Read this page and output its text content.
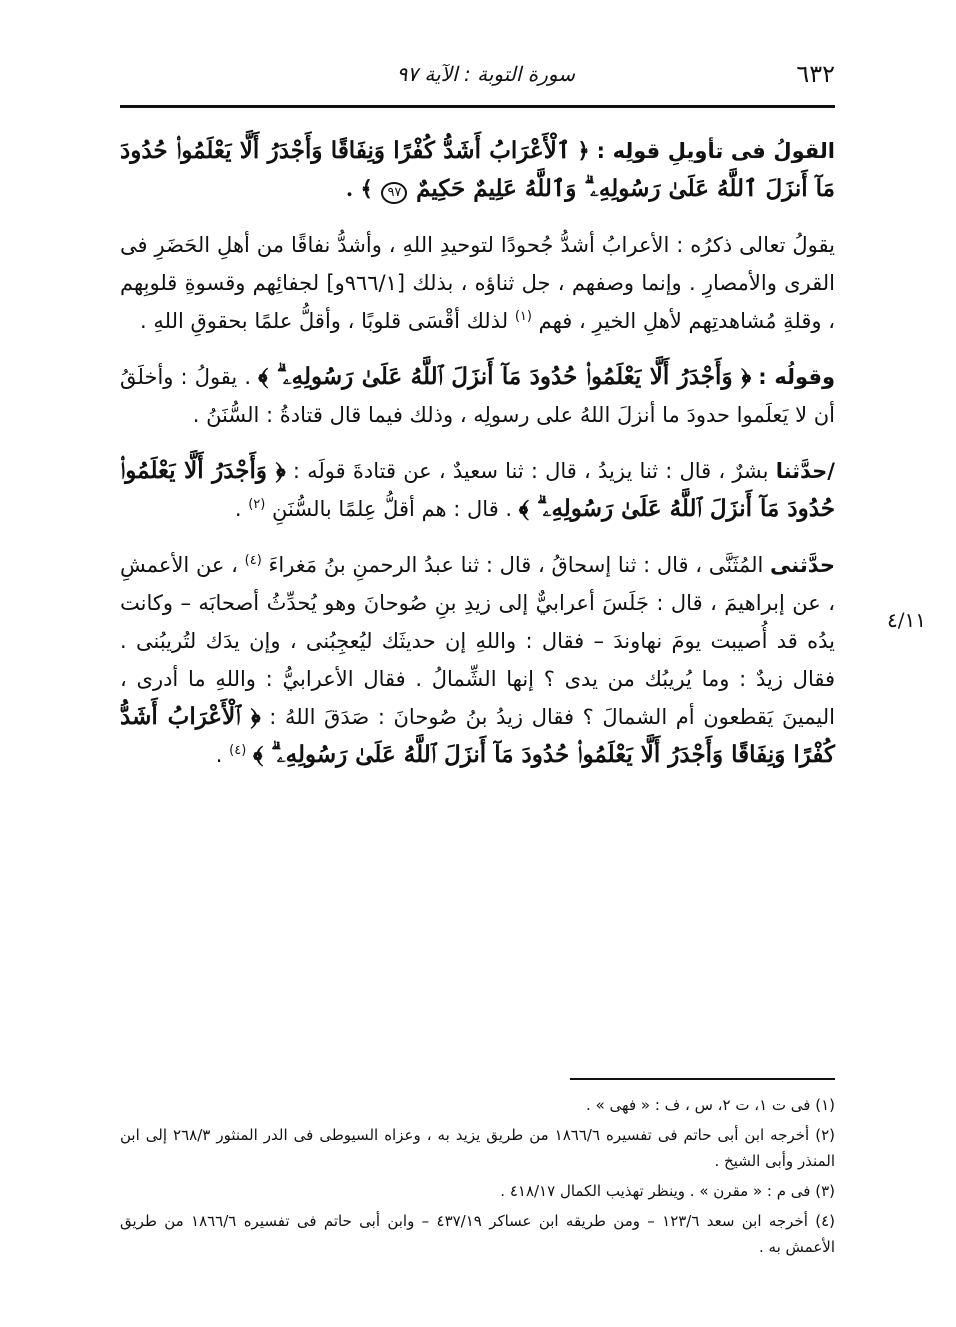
٦٣٢
سورة التوبة : الآية ٩٧
٤/١١

القولُ فى تأويلِ قولِه : ﴿ ٱلْأَعْرَابُ أَشَدُّ كُفْرًا وَنِفَاقًا وَأَجْدَرُ أَلَّا يَعْلَمُوا۟ حُدُودَ مَآ أَنزَلَ ٱللَّهُ عَلَىٰ رَسُولِهِۦ ۗ وَٱللَّهُ عَلِيمٌ حَكِيمٌ ٩٧ ﴾ .

يقولُ تعالى ذكرُه : الأعرابُ أشدُّ جُحودًا لتوحيدِ اللهِ ، وأشدُّ نفاقًا من أهلِ الحَضَرِ فى القرى والأمصارِ . وإنما وصفهم ، جل ثناؤه ، بذلك [٩٦٦/١و] لجفائِهم وقسوةِ قلوبِهم ، وقلةِ مُشاهدتِهم لأهلِ الخيرِ ، فهم $^{(١)}$ لذلك أقْسَى قلوبًا ، وأقلُّ علمًا بحقوقِ اللهِ .

وقولُه : ﴿ وَأَجْدَرُ أَلَّا يَعْلَمُوا۟ حُدُودَ مَآ أَنزَلَ ٱللَّهُ عَلَىٰ رَسُولِهِۦ ۗ ﴾ . يقولُ : وأخلَقُ أن لا يَعلَموا حدودَ ما أنزلَ اللهُ على رسولِه ، وذلك فيما قال قتادةُ : السُّنَنُ .

/حدَّثنا بشرٌ ، قال : ثنا يزيدُ ، قال : ثنا سعيدٌ ، عن قتادةَ قولَه : ﴿ وَأَجْدَرُ أَلَّا يَعْلَمُوا۟ حُدُودَ مَآ أَنزَلَ ٱللَّهُ عَلَىٰ رَسُولِهِۦ ۗ ﴾ . قال : هم أقلُّ عِلمًا بالسُّنَنِ $^{(٢)}$ .

حدَّثنى المُثَنَّى ، قال : ثنا إسحاقُ ، قال : ثنا عبدُ الرحمنِ بنُ مَغراءَ $^{(٤)}$ ، عن الأعمشِ ، عن إبراهيمَ ، قال : جَلَسَ أعرابيٌّ إلى زيدِ بنِ صُوحانَ وهو يُحدِّثُ أصحابَه – وكانت يدُه قد أُصيبت يومَ نهاوندَ – فقال : واللهِ إن حديثَك ليُعجِبُنى ، وإن يدَك لتُريبُنى . فقال زيدٌ : وما يُريبُك من يدى ؟ إنها الشِّمالُ . فقال الأعرابيُّ : واللهِ ما أدرى ، اليمينَ يَقطعون أم الشمالَ ؟ فقال زيدُ بنُ صُوحانَ : صَدَقَ اللهُ : ﴿ ٱلْأَعْرَابُ أَشَدُّ كُفْرًا وَنِفَاقًا وَأَجْدَرُ أَلَّا يَعْلَمُوا۟ حُدُودَ مَآ أَنزَلَ ٱللَّهُ عَلَىٰ رَسُولِهِۦ ۗ ﴾ $^{(٤)}$ .

(١) فى ت ١، ت ٢، س ، ف : « فهى » .

(٢) أخرجه ابن أبى حاتم فى تفسيره ١٨٦٦/٦ من طريق يزيد به ، وعزاه السيوطى فى الدر المنثور ٢٦٨/٣ إلى ابن المنذر وأبى الشيخ .

(٣) فى م : « مقرن » . وينظر تهذيب الكمال ٤١٨/١٧ .

(٤) أخرجه ابن سعد ١٢٣/٦ – ومن طريقه ابن عساكر ٤٣٧/١٩ – وابن أبى حاتم فى تفسيره ١٨٦٦/٦ من طريق الأعمش به .
